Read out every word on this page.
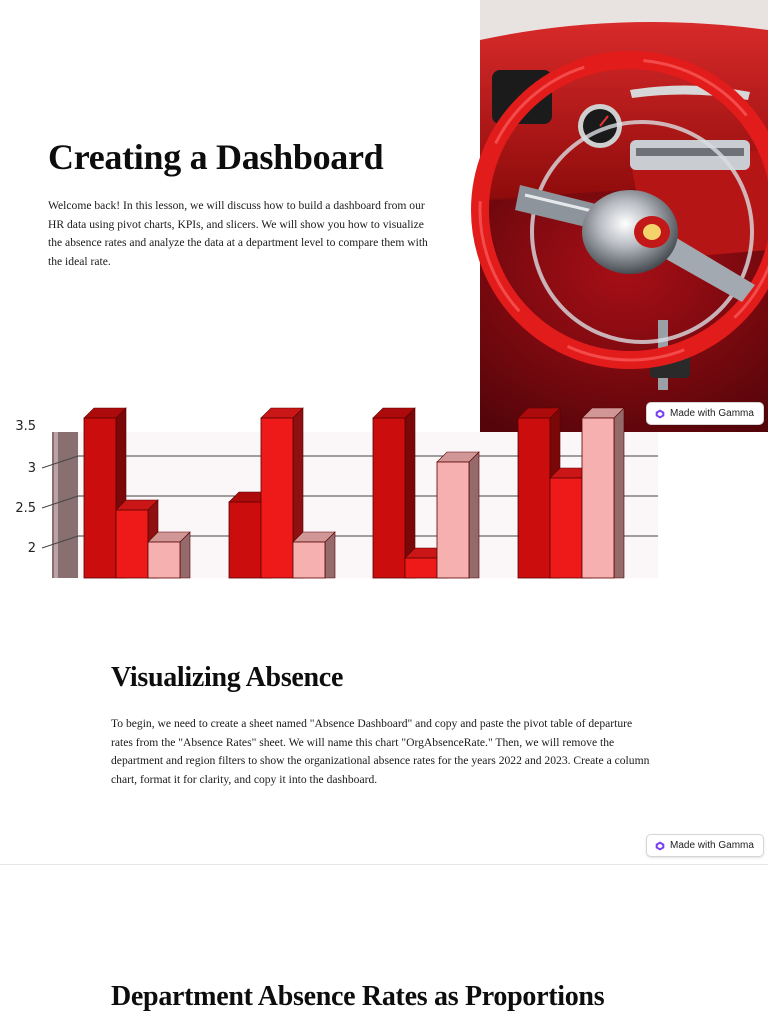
Creating a Dashboard

Welcome back! In this lesson, we will discuss how to build a dashboard from our HR data using pivot charts, KPIs, and slicers. We will show you how to visualize the absence rates and analyze the data at a department level to compare them with the ideal rate.

Made with Gamma
3
2.5
2
3.5
Visualizing Absence

To begin, we need to create a sheet named "Absence Dashboard" and copy and paste the pivot table of departure rates from the "Absence Rates" sheet. We will name this chart "OrgAbsenceRate." Then, we will remove the department and region filters to show the organizational absence rates for the years 2022 and 2023. Create a column chart, format it for clarity, and copy it into the dashboard.

Made with Gamma
Department Absence Rates as Proportions
